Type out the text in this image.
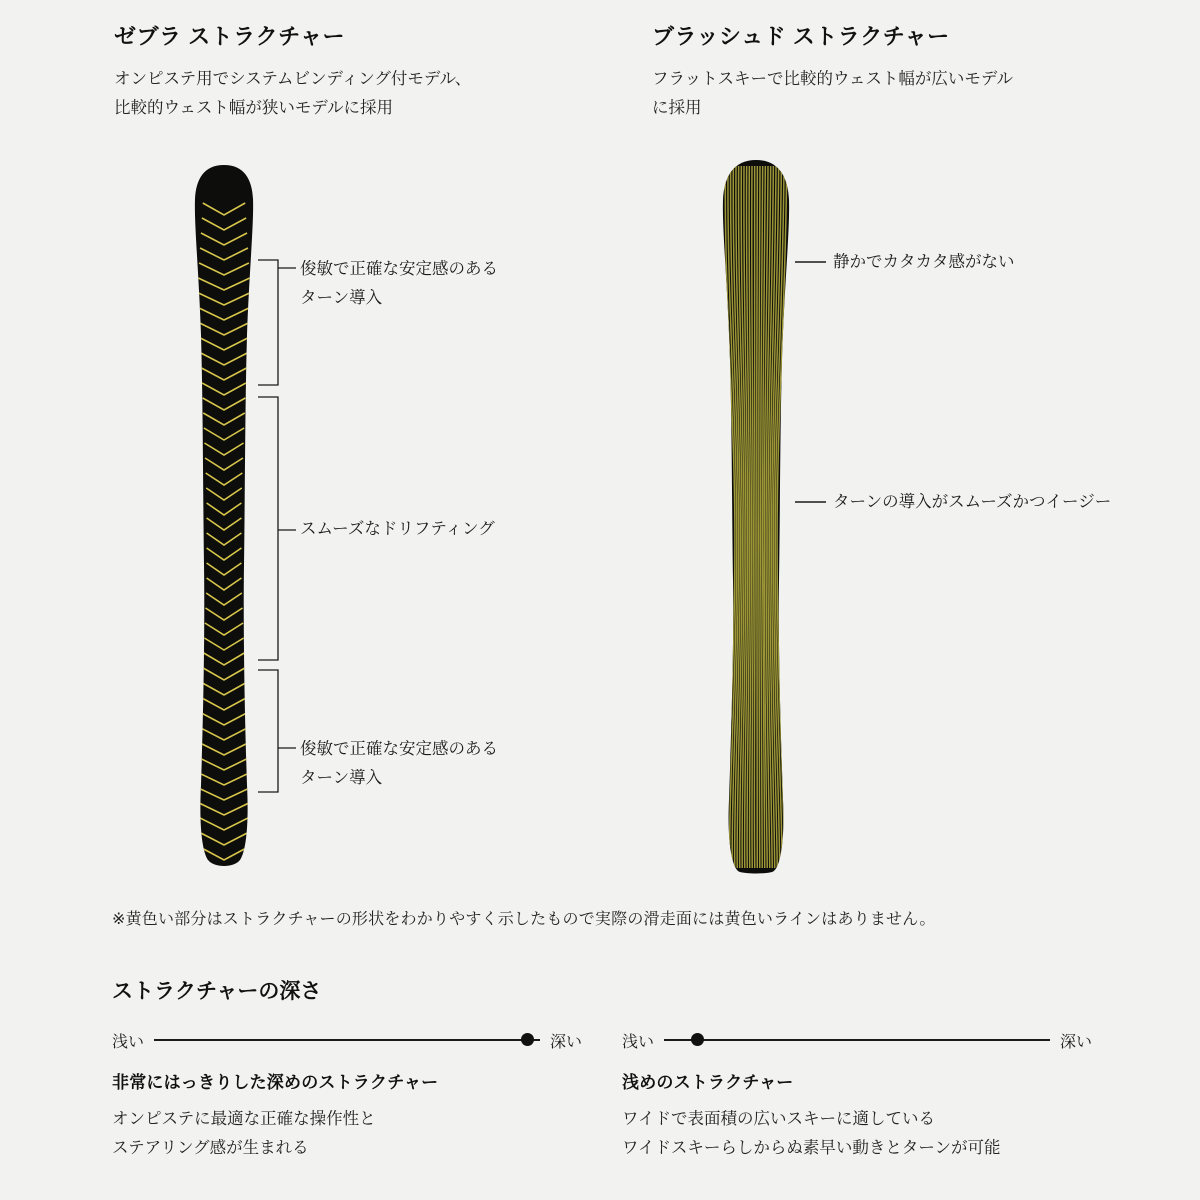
ゼブラ ストラクチャー

オンピステ用でシステムビンディング付モデル、
比較的ウェスト幅が狭いモデルに採用

ブラッシュド ストラクチャー

フラットスキーで比較的ウェスト幅が広いモデル
に採用

俊敏で正確な安定感のある
ターン導入
スムーズなドリフティング
俊敏で正確な安定感のある
ターン導入
静かでカタカタ感がない
ターンの導入がスムーズかつイージー
※黄色い部分はストラクチャーの形状をわかりやすく示したもので実際の滑走面には黄色いラインはありません。
ストラクチャーの深さ
浅い	深い

非常にはっきりした深めのストラクチャー

オンピステに最適な正確な操作性と
ステアリング感が生まれる

浅い	深い

浅めのストラクチャー

ワイドで表面積の広いスキーに適している
ワイドスキーらしからぬ素早い動きとターンが可能
